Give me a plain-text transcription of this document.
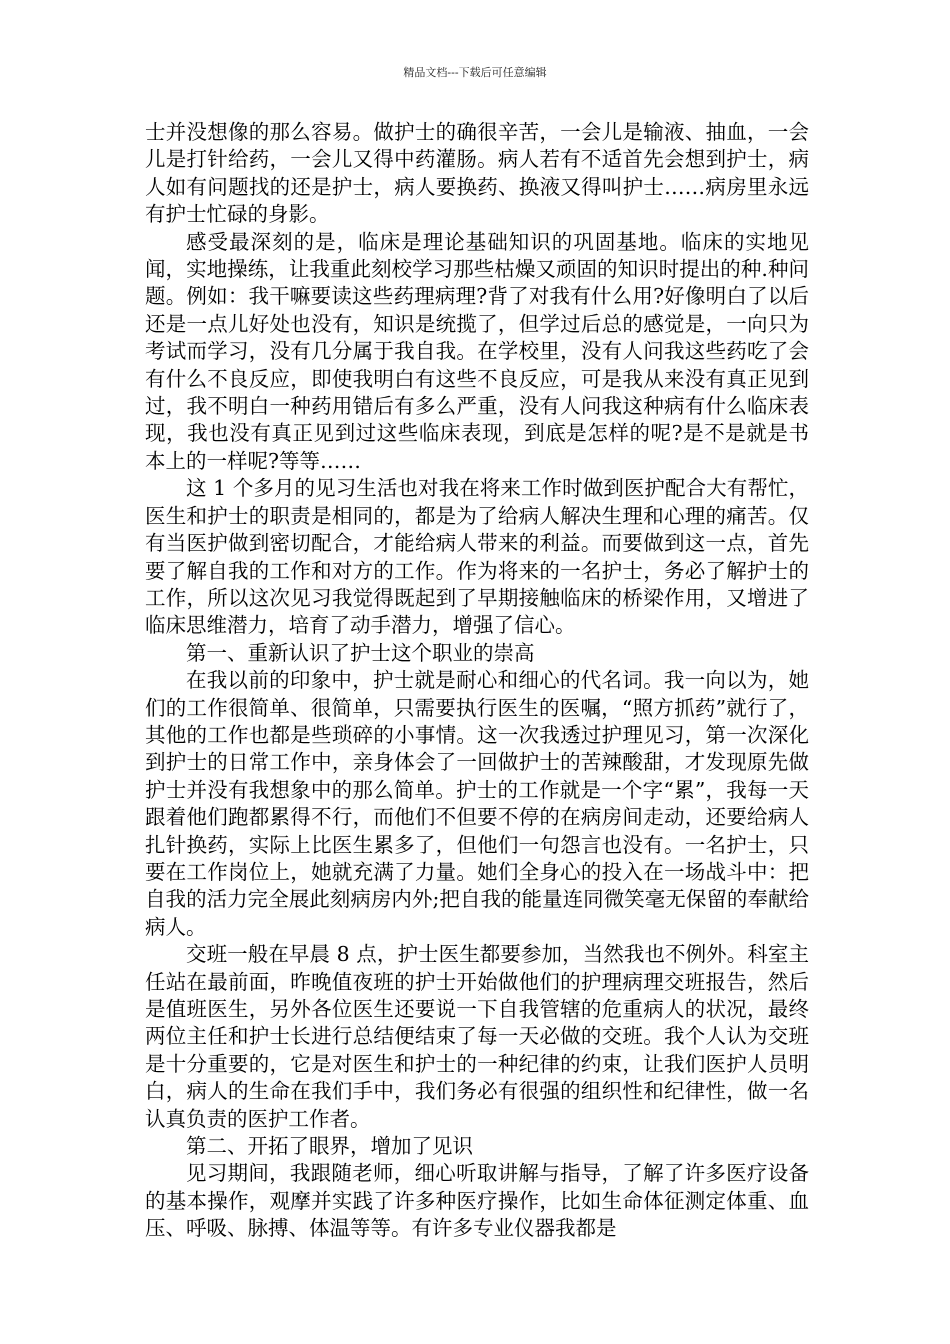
精品文档---下载后可任意编辑

士并没想像的那么容易。做护士的确很辛苦，一会儿是输液、抽血，一会儿是打针给药，一会儿又得中药灌肠。病人若有不适首先会想到护士，病人如有问题找的还是护士，病人要换药、换液又得叫护士……病房里永远有护士忙碌的身影。

感受最深刻的是，临床是理论基础知识的巩固基地。临床的实地见闻，实地操练，让我重此刻校学习那些枯燥又顽固的知识时提出的种.种问题。例如：我干嘛要读这些药理病理?背了对我有什么用?好像明白了以后还是一点儿好处也没有，知识是统揽了，但学过后总的感觉是，一向只为考试而学习，没有几分属于我自我。在学校里，没有人问我这些药吃了会有什么不良反应，即使我明白有这些不良反应，可是我从来没有真正见到过，我不明白一种药用错后有多么严重，没有人问我这种病有什么临床表现，我也没有真正见到过这些临床表现，到底是怎样的呢?是不是就是书本上的一样呢?等等……

这 1 个多月的见习生活也对我在将来工作时做到医护配合大有帮忙，医生和护士的职责是相同的，都是为了给病人解决生理和心理的痛苦。仅有当医护做到密切配合，才能给病人带来的利益。而要做到这一点，首先要了解自我的工作和对方的工作。作为将来的一名护士，务必了解护士的工作，所以这次见习我觉得既起到了早期接触临床的桥梁作用，又增进了临床思维潜力，培育了动手潜力，增强了信心。

第一、重新认识了护士这个职业的崇高

在我以前的印象中，护士就是耐心和细心的代名词。我一向以为，她们的工作很简单、很简单，只需要执行医生的医嘱，“照方抓药”就行了，其他的工作也都是些琐碎的小事情。这一次我透过护理见习，第一次深化到护士的日常工作中，亲身体会了一回做护士的苦辣酸甜，才发现原先做护士并没有我想象中的那么简单。护士的工作就是一个字“累”，我每一天跟着他们跑都累得不行，而他们不但要不停的在病房间走动，还要给病人扎针换药，实际上比医生累多了，但他们一句怨言也没有。一名护士，只要在工作岗位上，她就充满了力量。她们全身心的投入在一场战斗中：把自我的活力完全展此刻病房内外;把自我的能量连同微笑毫无保留的奉献给病人。

交班一般在早晨 8 点，护士医生都要参加，当然我也不例外。科室主任站在最前面，昨晚值夜班的护士开始做他们的护理病理交班报告，然后是值班医生，另外各位医生还要说一下自我管辖的危重病人的状况，最终两位主任和护士长进行总结便结束了每一天必做的交班。我个人认为交班是十分重要的，它是对医生和护士的一种纪律的约束，让我们医护人员明白，病人的生命在我们手中，我们务必有很强的组织性和纪律性，做一名认真负责的医护工作者。

第二、开拓了眼界，增加了见识

见习期间，我跟随老师，细心听取讲解与指导，了解了许多医疗设备的基本操作，观摩并实践了许多种医疗操作，比如生命体征测定体重、血压、呼吸、脉搏、体温等等。有许多专业仪器我都是
